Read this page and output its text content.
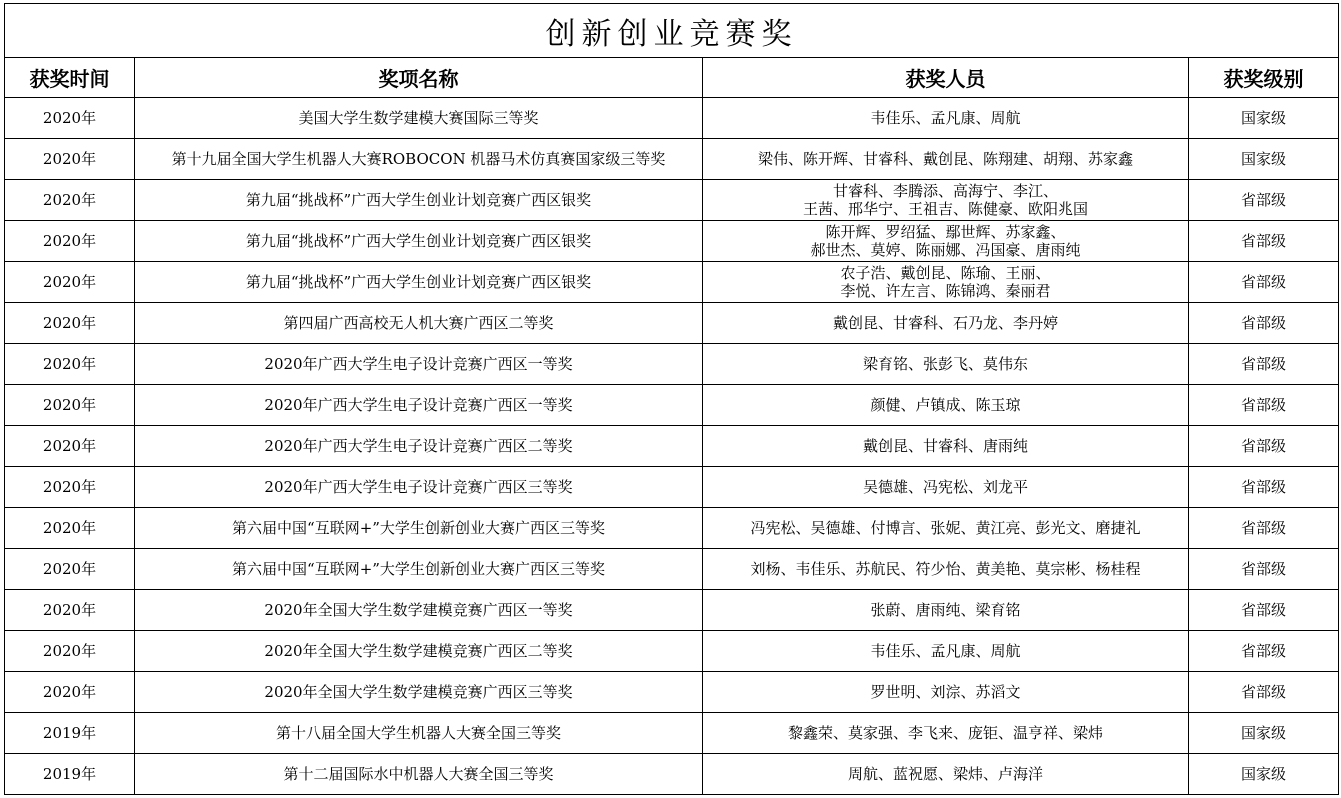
创新创业竞赛奖			
获奖时间	奖项名称	获奖人员	获奖级别
2020年	美国大学生数学建模大赛国际三等奖	韦佳乐、孟凡康、周航	国家级
2020年	第十九届全国大学生机器人大赛ROBOCON 机器马术仿真赛国家级三等奖	梁伟、陈开辉、甘睿科、戴创昆、陈翔建、胡翔、苏家鑫	国家级
2020年	第九届“挑战杯”广西大学生创业计划竞赛广西区银奖	甘睿科、李腾添、高海宁、李江、
王茜、邢华宁、王祖吉、陈健豪、欧阳兆国	省部级
2020年	第九届“挑战杯”广西大学生创业计划竞赛广西区银奖	陈开辉、罗绍猛、鄢世辉、苏家鑫、
郝世杰、莫婷、陈丽娜、冯国豪、唐雨纯	省部级
2020年	第九届“挑战杯”广西大学生创业计划竞赛广西区银奖	农子浩、戴创昆、陈瑜、王丽、
李悦、许左言、陈锦鸿、秦丽君	省部级
2020年	第四届广西高校无人机大赛广西区二等奖	戴创昆、甘睿科、石乃龙、李丹婷	省部级
2020年	2020年广西大学生电子设计竞赛广西区一等奖	梁育铭、张彭飞、莫伟东	省部级
2020年	2020年广西大学生电子设计竞赛广西区一等奖	颜健、卢镇成、陈玉琼	省部级
2020年	2020年广西大学生电子设计竞赛广西区二等奖	戴创昆、甘睿科、唐雨纯	省部级
2020年	2020年广西大学生电子设计竞赛广西区三等奖	吴德雄、冯宪松、刘龙平	省部级
2020年	第六届中国“互联网+”大学生创新创业大赛广西区三等奖	冯宪松、吴德雄、付博言、张妮、黄江亮、彭光文、磨捷礼	省部级
2020年	第六届中国“互联网+”大学生创新创业大赛广西区三等奖	刘杨、韦佳乐、苏航民、符少怡、黄美艳、莫宗彬、杨桂程	省部级
2020年	2020年全国大学生数学建模竞赛广西区一等奖	张蔚、唐雨纯、梁育铭	省部级
2020年	2020年全国大学生数学建模竞赛广西区二等奖	韦佳乐、孟凡康、周航	省部级
2020年	2020年全国大学生数学建模竞赛广西区三等奖	罗世明、刘淙、苏滔文	省部级
2019年	第十八届全国大学生机器人大赛全国三等奖	黎鑫荣、莫家强、李飞来、庞钜、温亨祥、梁炜	国家级
2019年	第十二届国际水中机器人大赛全国三等奖	周航、蓝祝愿、梁炜、卢海洋	国家级
